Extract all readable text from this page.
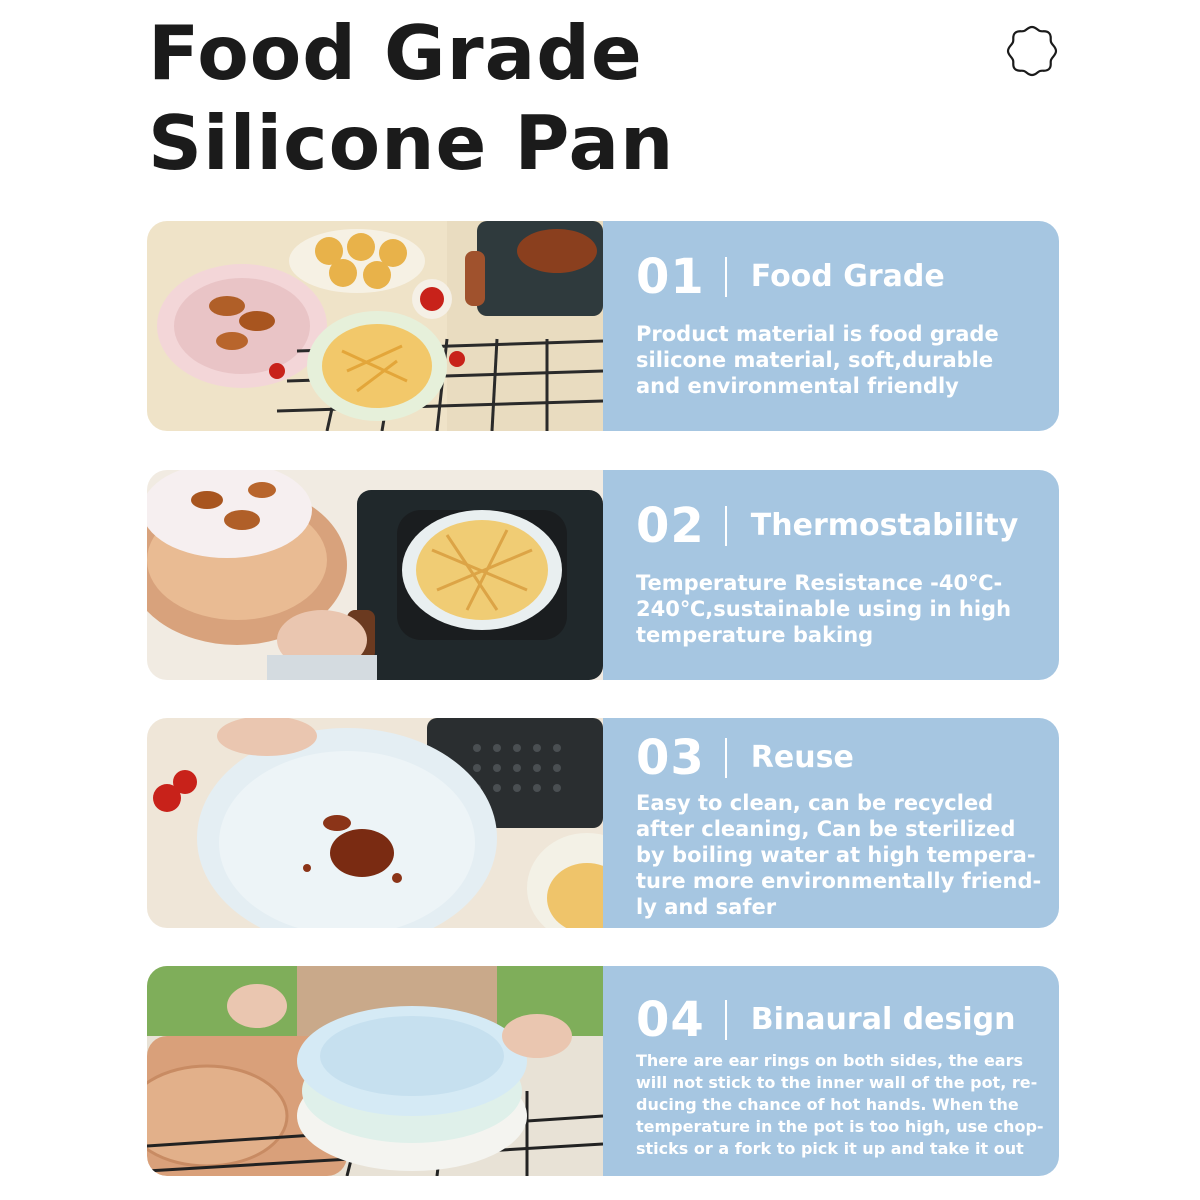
Food Grade
Silicone Pan
01 Food Grade
Product material is food grade
silicone material, soft,durable
and environmental friendly
02 Thermostability
Temperature Resistance -40℃-
240℃,sustainable using in high
temperature baking
03 Reuse
Easy to clean, can be recycled
after cleaning, Can be sterilized
by boiling water at high tempera-
ture more environmentally friend-
ly and safer
04 Binaural design
There are ear rings on both sides, the ears
will not stick to the inner wall of the pot, re-
ducing the chance of hot hands. When the
temperature in the pot is too high, use chop-
sticks or a fork to pick it up and take it out
